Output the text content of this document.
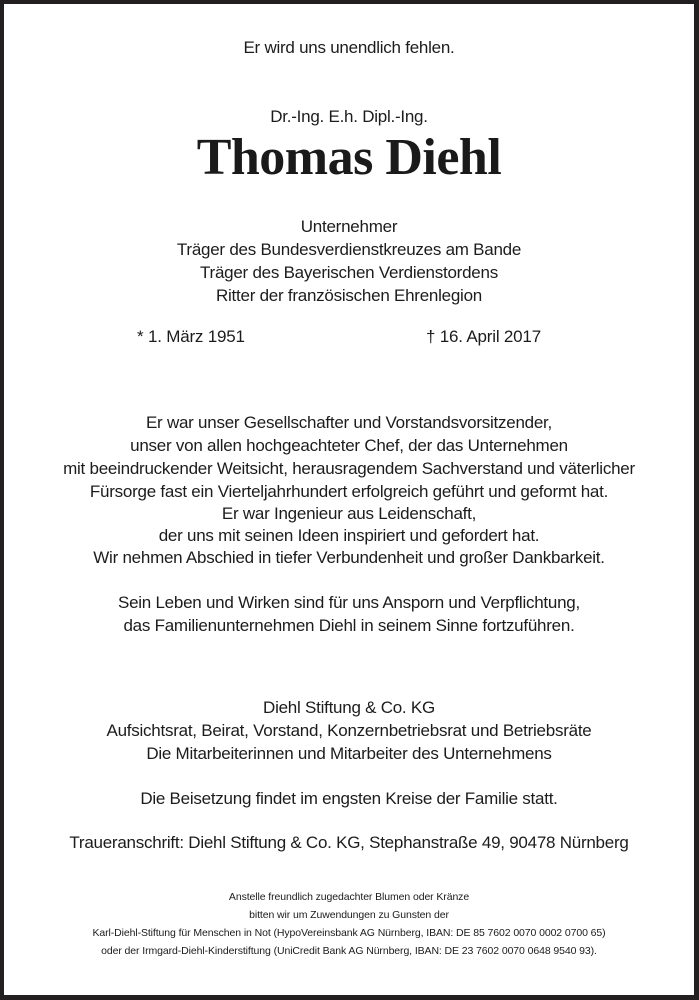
Er wird uns unendlich fehlen.
Dr.-Ing. E.h. Dipl.-Ing.
Thomas Diehl
Unternehmer
Träger des Bundesverdienstkreuzes am Bande
Träger des Bayerischen Verdienstordens
Ritter der französischen Ehrenlegion
* 1. März 1951	† 16. April 2017
Er war unser Gesellschafter und Vorstandsvorsitzender,
unser von allen hochgeachteter Chef, der das Unternehmen
mit beeindruckender Weitsicht, herausragendem Sachverstand und väterlicher
Fürsorge fast ein Vierteljahrhundert erfolgreich geführt und geformt hat.
Er war Ingenieur aus Leidenschaft,
der uns mit seinen Ideen inspiriert und gefordert hat.
Wir nehmen Abschied in tiefer Verbundenheit und großer Dankbarkeit.
Sein Leben und Wirken sind für uns Ansporn und Verpflichtung,
das Familienunternehmen Diehl in seinem Sinne fortzuführen.
Diehl Stiftung & Co. KG
Aufsichtsrat, Beirat, Vorstand, Konzernbetriebsrat und Betriebsräte
Die Mitarbeiterinnen und Mitarbeiter des Unternehmens
Die Beisetzung findet im engsten Kreise der Familie statt.
Traueranschrift: Diehl Stiftung & Co. KG, Stephanstraße 49, 90478 Nürnberg
Anstelle freundlich zugedachter Blumen oder Kränze
bitten wir um Zuwendungen zu Gunsten der
Karl-Diehl-Stiftung für Menschen in Not (HypoVereinsbank AG Nürnberg, IBAN: DE 85 7602 0070 0002 0700 65)
oder der Irmgard-Diehl-Kinderstiftung (UniCredit Bank AG Nürnberg, IBAN: DE 23 7602 0070 0648 9540 93).
